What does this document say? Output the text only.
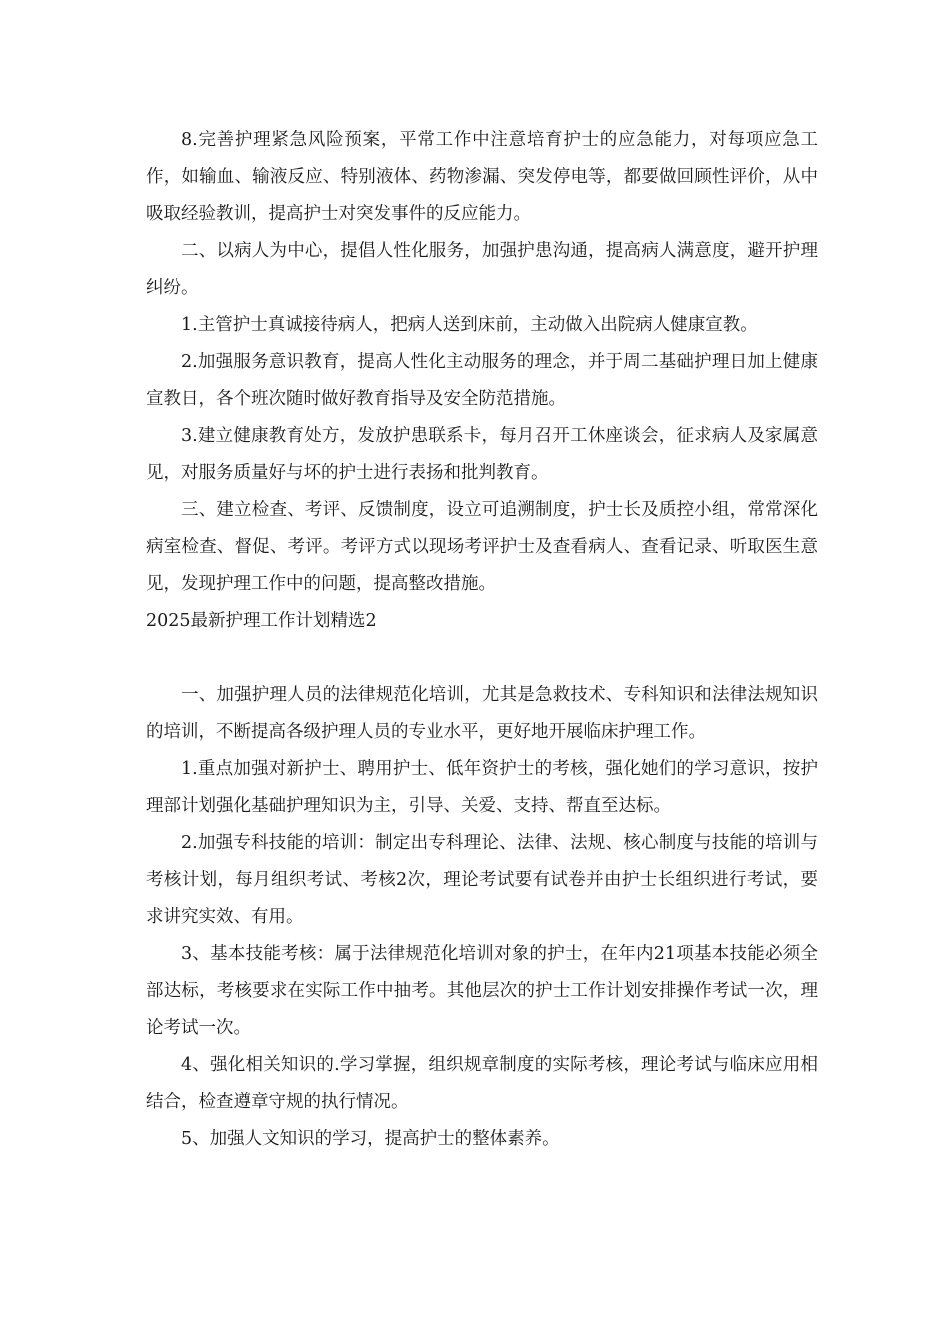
8.完善护理紧急风险预案，平常工作中注意培育护士的应急能力，对每项应急工作，如输血、输液反应、特别液体、药物渗漏、突发停电等，都要做回顾性评价，从中吸取经验教训，提高护士对突发事件的反应能力。

二、以病人为中心，提倡人性化服务，加强护患沟通，提高病人满意度，避开护理纠纷。

1.主管护士真诚接待病人，把病人送到床前，主动做入出院病人健康宣教。

2.加强服务意识教育，提高人性化主动服务的理念，并于周二基础护理日加上健康宣教日，各个班次随时做好教育指导及安全防范措施。

3.建立健康教育处方，发放护患联系卡，每月召开工休座谈会，征求病人及家属意见，对服务质量好与坏的护士进行表扬和批判教育。

三、建立检查、考评、反馈制度，设立可追溯制度，护士长及质控小组，常常深化病室检查、督促、考评。考评方式以现场考评护士及查看病人、查看记录、听取医生意见，发现护理工作中的问题，提高整改措施。

2025最新护理工作计划精选2

一、加强护理人员的法律规范化培训，尤其是急救技术、专科知识和法律法规知识的培训，不断提高各级护理人员的专业水平，更好地开展临床护理工作。

1.重点加强对新护士、聘用护士、低年资护士的考核，强化她们的学习意识，按护理部计划强化基础护理知识为主，引导、关爱、支持、帮直至达标。

2.加强专科技能的培训：制定出专科理论、法律、法规、核心制度与技能的培训与考核计划，每月组织考试、考核2次，理论考试要有试卷并由护士长组织进行考试，要求讲究实效、有用。

3、基本技能考核：属于法律规范化培训对象的护士，在年内21项基本技能必须全部达标，考核要求在实际工作中抽考。其他层次的护士工作计划安排操作考试一次，理论考试一次。

4、强化相关知识的.学习掌握，组织规章制度的实际考核，理论考试与临床应用相结合，检查遵章守规的执行情况。

5、加强人文知识的学习，提高护士的整体素养。
